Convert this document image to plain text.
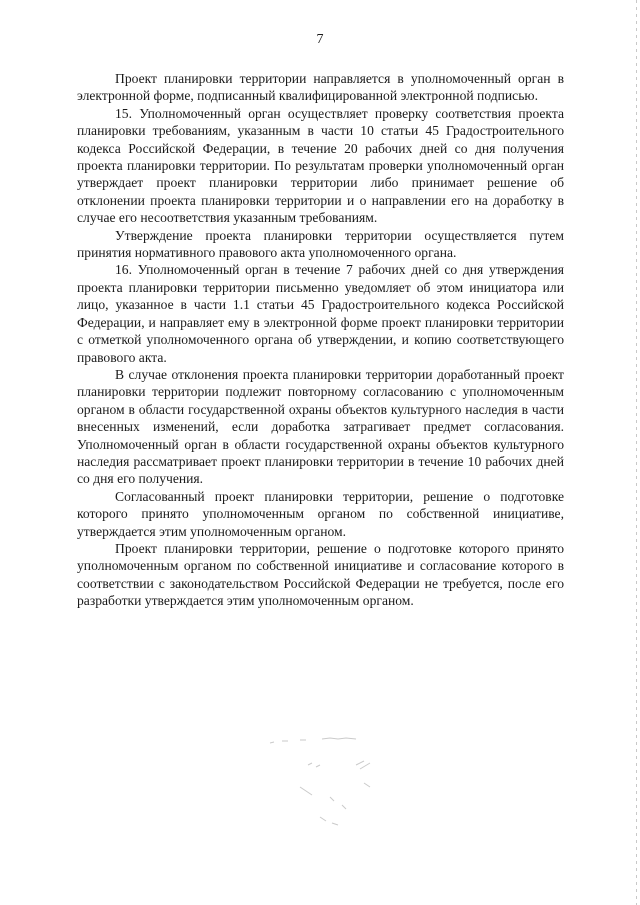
7

Проект планировки территории направляется в уполномоченный орган в электронной форме, подписанный квалифицированной электронной подписью.

15. Уполномоченный орган осуществляет проверку соответствия проекта планировки требованиям, указанным в части 10 статьи 45 Градостроительного кодекса Российской Федерации, в течение 20 рабочих дней со дня получения проекта планировки территории. По результатам проверки уполномоченный орган утверждает проект планировки территории либо принимает решение об отклонении проекта планировки территории и о направлении его на доработку в случае его несоответствия указанным требованиям.

Утверждение проекта планировки территории осуществляется путем принятия нормативного правового акта уполномоченного органа.

16. Уполномоченный орган в течение 7 рабочих дней со дня утверждения проекта планировки территории письменно уведомляет об этом инициатора или лицо, указанное в части 1.1 статьи 45 Градостроительного кодекса Российской Федерации, и направляет ему в электронной форме проект планировки территории с отметкой уполномоченного органа об утверждении, и копию соответствующего правового акта.

В случае отклонения проекта планировки территории доработанный проект планировки территории подлежит повторному согласованию с уполномоченным органом в области государственной охраны объектов культурного наследия в части внесенных изменений, если доработка затрагивает предмет согласования. Уполномоченный орган в области государственной охраны объектов культурного наследия рассматривает проект планировки территории в течение 10 рабочих дней со дня его получения.

Согласованный проект планировки территории, решение о подготовке которого принято уполномоченным органом по собственной инициативе, утверждается этим уполномоченным органом.

Проект планировки территории, решение о подготовке которого принято уполномоченным органом по собственной инициативе и согласование которого в соответствии с законодательством Российской Федерации не требуется, после его разработки утверждается этим уполномоченным органом.
